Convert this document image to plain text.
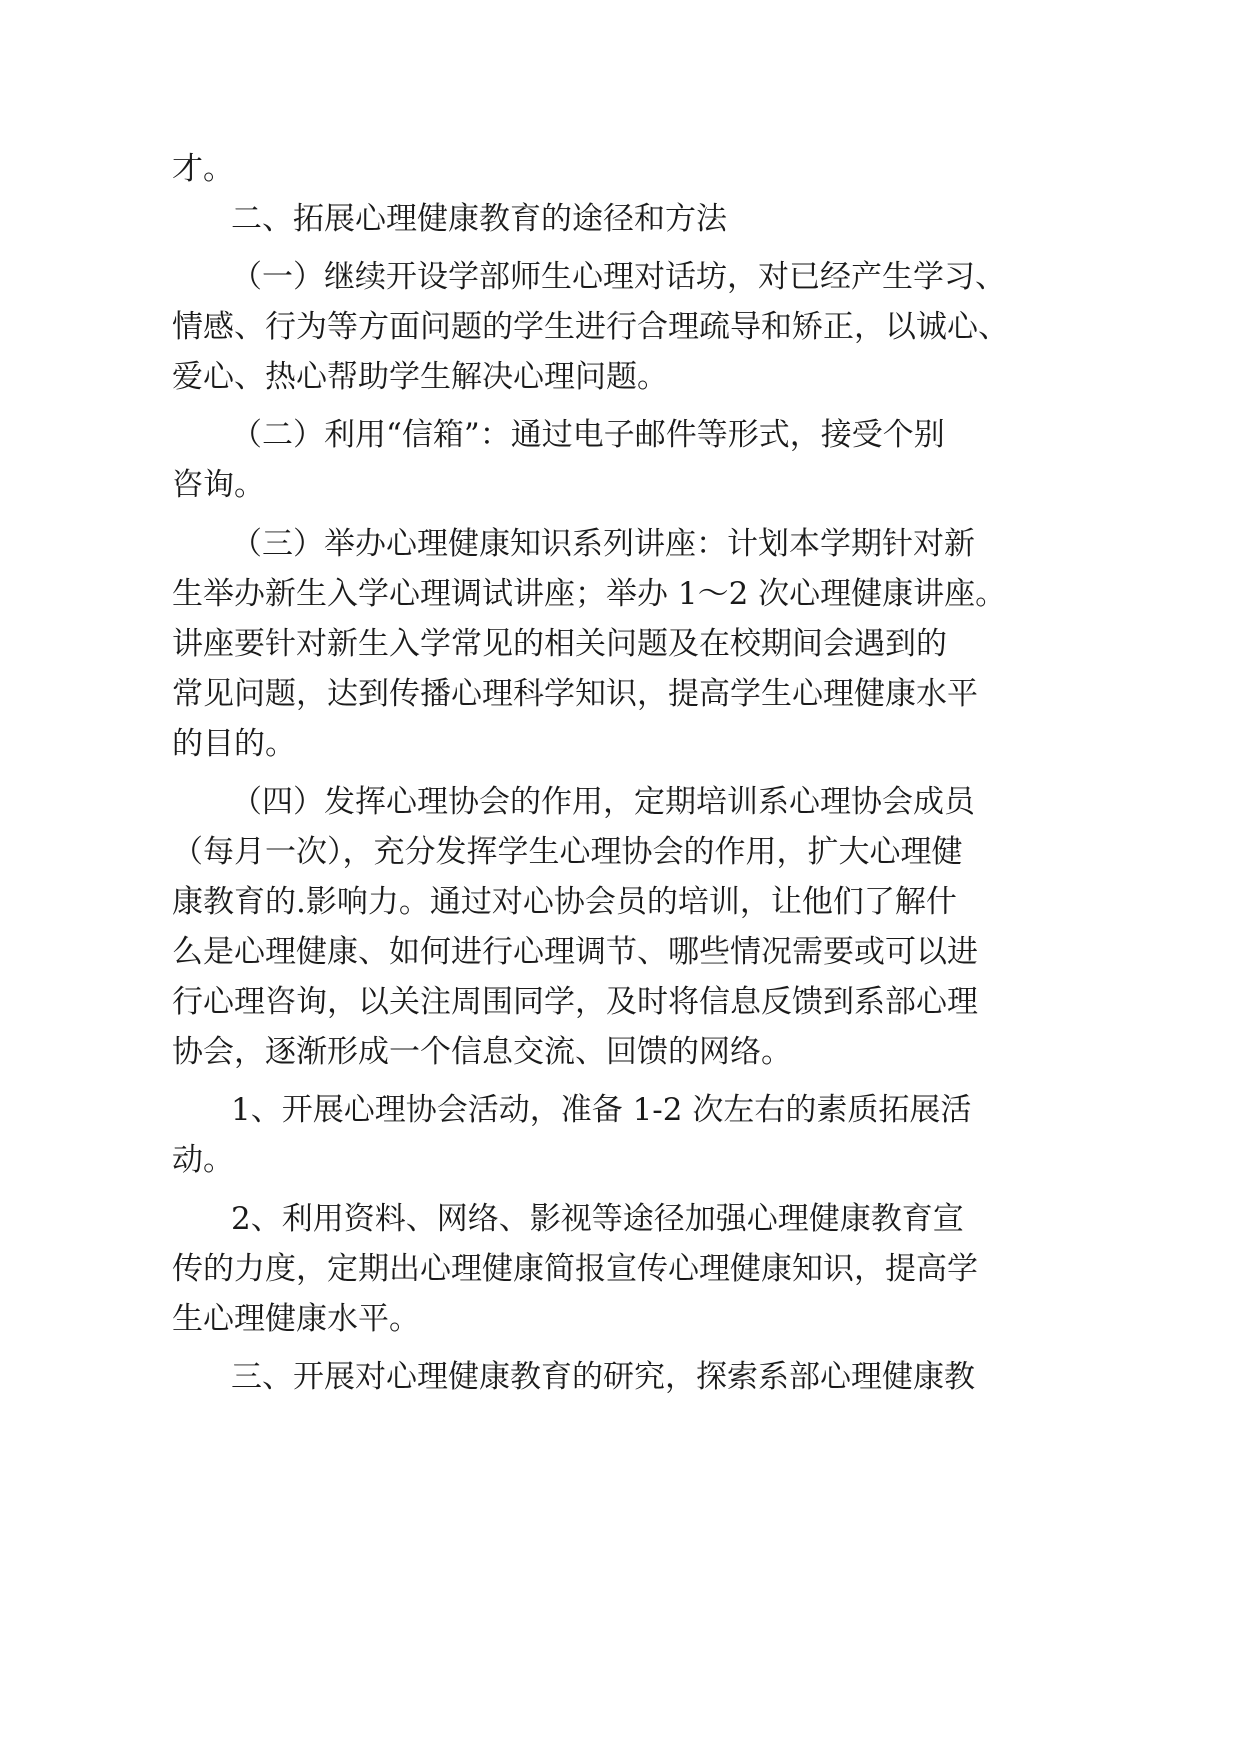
才。
二、拓展心理健康教育的途径和方法
（一）继续开设学部师生心理对话坊，对已经产生学习、
情感、行为等方面问题的学生进行合理疏导和矫正，以诚心、
爱心、热心帮助学生解决心理问题。
（二）利用“信箱”：通过电子邮件等形式，接受个别
咨询。
（三）举办心理健康知识系列讲座：计划本学期针对新
生举办新生入学心理调试讲座；举办 1～2 次心理健康讲座。
讲座要针对新生入学常见的相关问题及在校期间会遇到的
常见问题，达到传播心理科学知识，提高学生心理健康水平
的目的。
（四）发挥心理协会的作用，定期培训系心理协会成员
（每月一次），充分发挥学生心理协会的作用，扩大心理健
康教育的.影响力。通过对心协会员的培训，让他们了解什
么是心理健康、如何进行心理调节、哪些情况需要或可以进
行心理咨询，以关注周围同学，及时将信息反馈到系部心理
协会，逐渐形成一个信息交流、回馈的网络。
1、开展心理协会活动，准备 1-2 次左右的素质拓展活
动。
2、利用资料、网络、影视等途径加强心理健康教育宣
传的力度，定期出心理健康简报宣传心理健康知识，提高学
生心理健康水平。
三、开展对心理健康教育的研究，探索系部心理健康教
